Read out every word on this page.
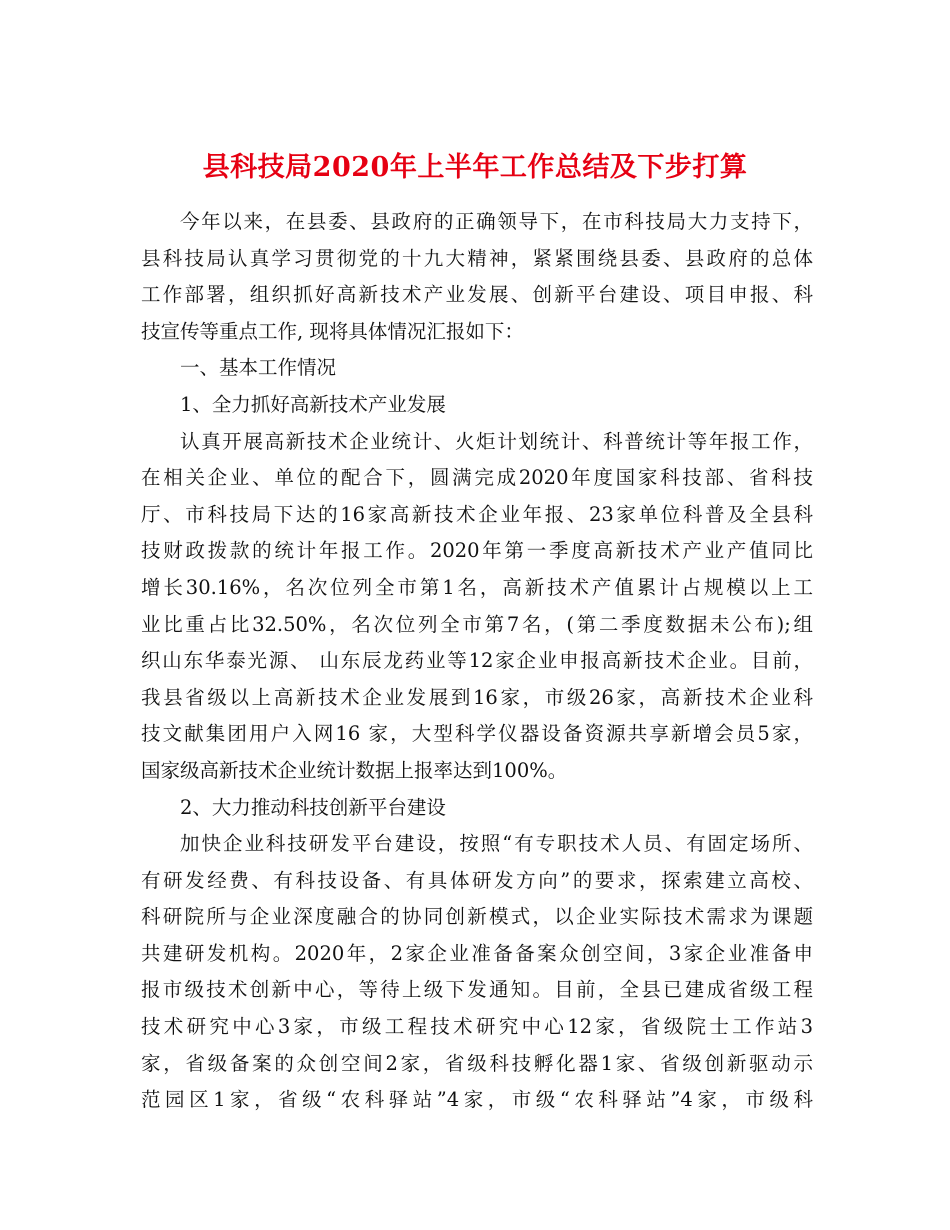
县科技局2020年上半年工作总结及下步打算
今年以来，在县委、县政府的正确领导下，在市科技局大力支持下，
县科技局认真学习贯彻党的十九大精神，紧紧围绕县委、县政府的总体
工作部署，组织抓好高新技术产业发展、创新平台建设、项目申报、科
技宣传等重点工作, 现将具体情况汇报如下：
一、基本工作情况
1、全力抓好高新技术产业发展
认真开展高新技术企业统计、火炬计划统计、科普统计等年报工作，
在相关企业、单位的配合下，圆满完成2020年度国家科技部、省科技
厅、市科技局下达的16家高新技术企业年报、23家单位科普及全县科
技财政拨款的统计年报工作。2020年第一季度高新技术产业产值同比
增长30.16%，名次位列全市第1名，高新技术产值累计占规模以上工
业比重占比32.50%，名次位列全市第7名，(第二季度数据未公布);组
织山东华泰光源、 山东辰龙药业等12家企业申报高新技术企业。目前，
我县省级以上高新技术企业发展到16家，市级26家，高新技术企业科
技文献集团用户入网16 家，大型科学仪器设备资源共享新增会员5家，
国家级高新技术企业统计数据上报率达到100%。
2、大力推动科技创新平台建设
加快企业科技研发平台建设，按照“有专职技术人员、有固定场所、
有研发经费、有科技设备、有具体研发方向”的要求，探索建立高校、
科研院所与企业深度融合的协同创新模式，以企业实际技术需求为课题
共建研发机构。2020年，2家企业准备备案众创空间，3家企业准备申
报市级技术创新中心，等待上级下发通知。目前，全县已建成省级工程
技术研究中心3家，市级工程技术研究中心12家，省级院士工作站3
家，省级备案的众创空间2家，省级科技孵化器1家、省级创新驱动示
范园区1家，省级“农科驿站”4家，市级“农科驿站”4家，市级科
